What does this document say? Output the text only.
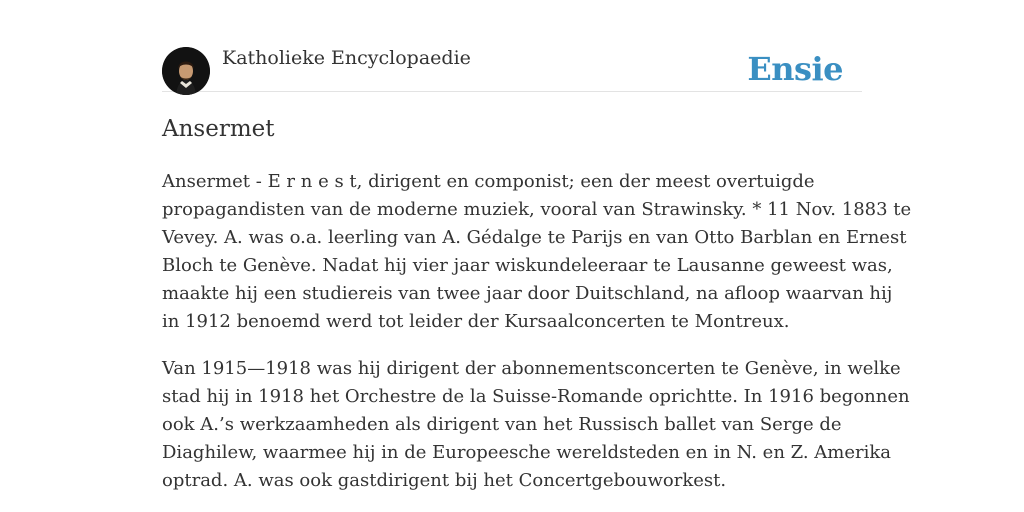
Katholieke Encyclopaedie	Ensie
Ansermet

Ansermet - E r n e s t, dirigent en componist; een der meest overtuigde
propagandisten van de moderne muziek, vooral van Strawinsky. * 11 Nov. 1883 te
Vevey. A. was o.a. leerling van A. Gédalge te Parijs en van Otto Barblan en Ernest
Bloch te Genève. Nadat hij vier jaar wiskundeleeraar te Lausanne geweest was,
maakte hij een studiereis van twee jaar door Duitschland, na afloop waarvan hij
in 1912 benoemd werd tot leider der Kursaalconcerten te Montreux.

Van 1915—1918 was hij dirigent der abonnementsconcerten te Genève, in welke
stad hij in 1918 het Orchestre de la Suisse-Romande oprichtte. In 1916 begonnen
ook A.’s werkzaamheden als dirigent van het Russisch ballet van Serge de
Diaghilew, waarmee hij in de Europeesche wereldsteden en in N. en Z. Amerika
optrad. A. was ook gastdirigent bij het Concertgebouworkest.
